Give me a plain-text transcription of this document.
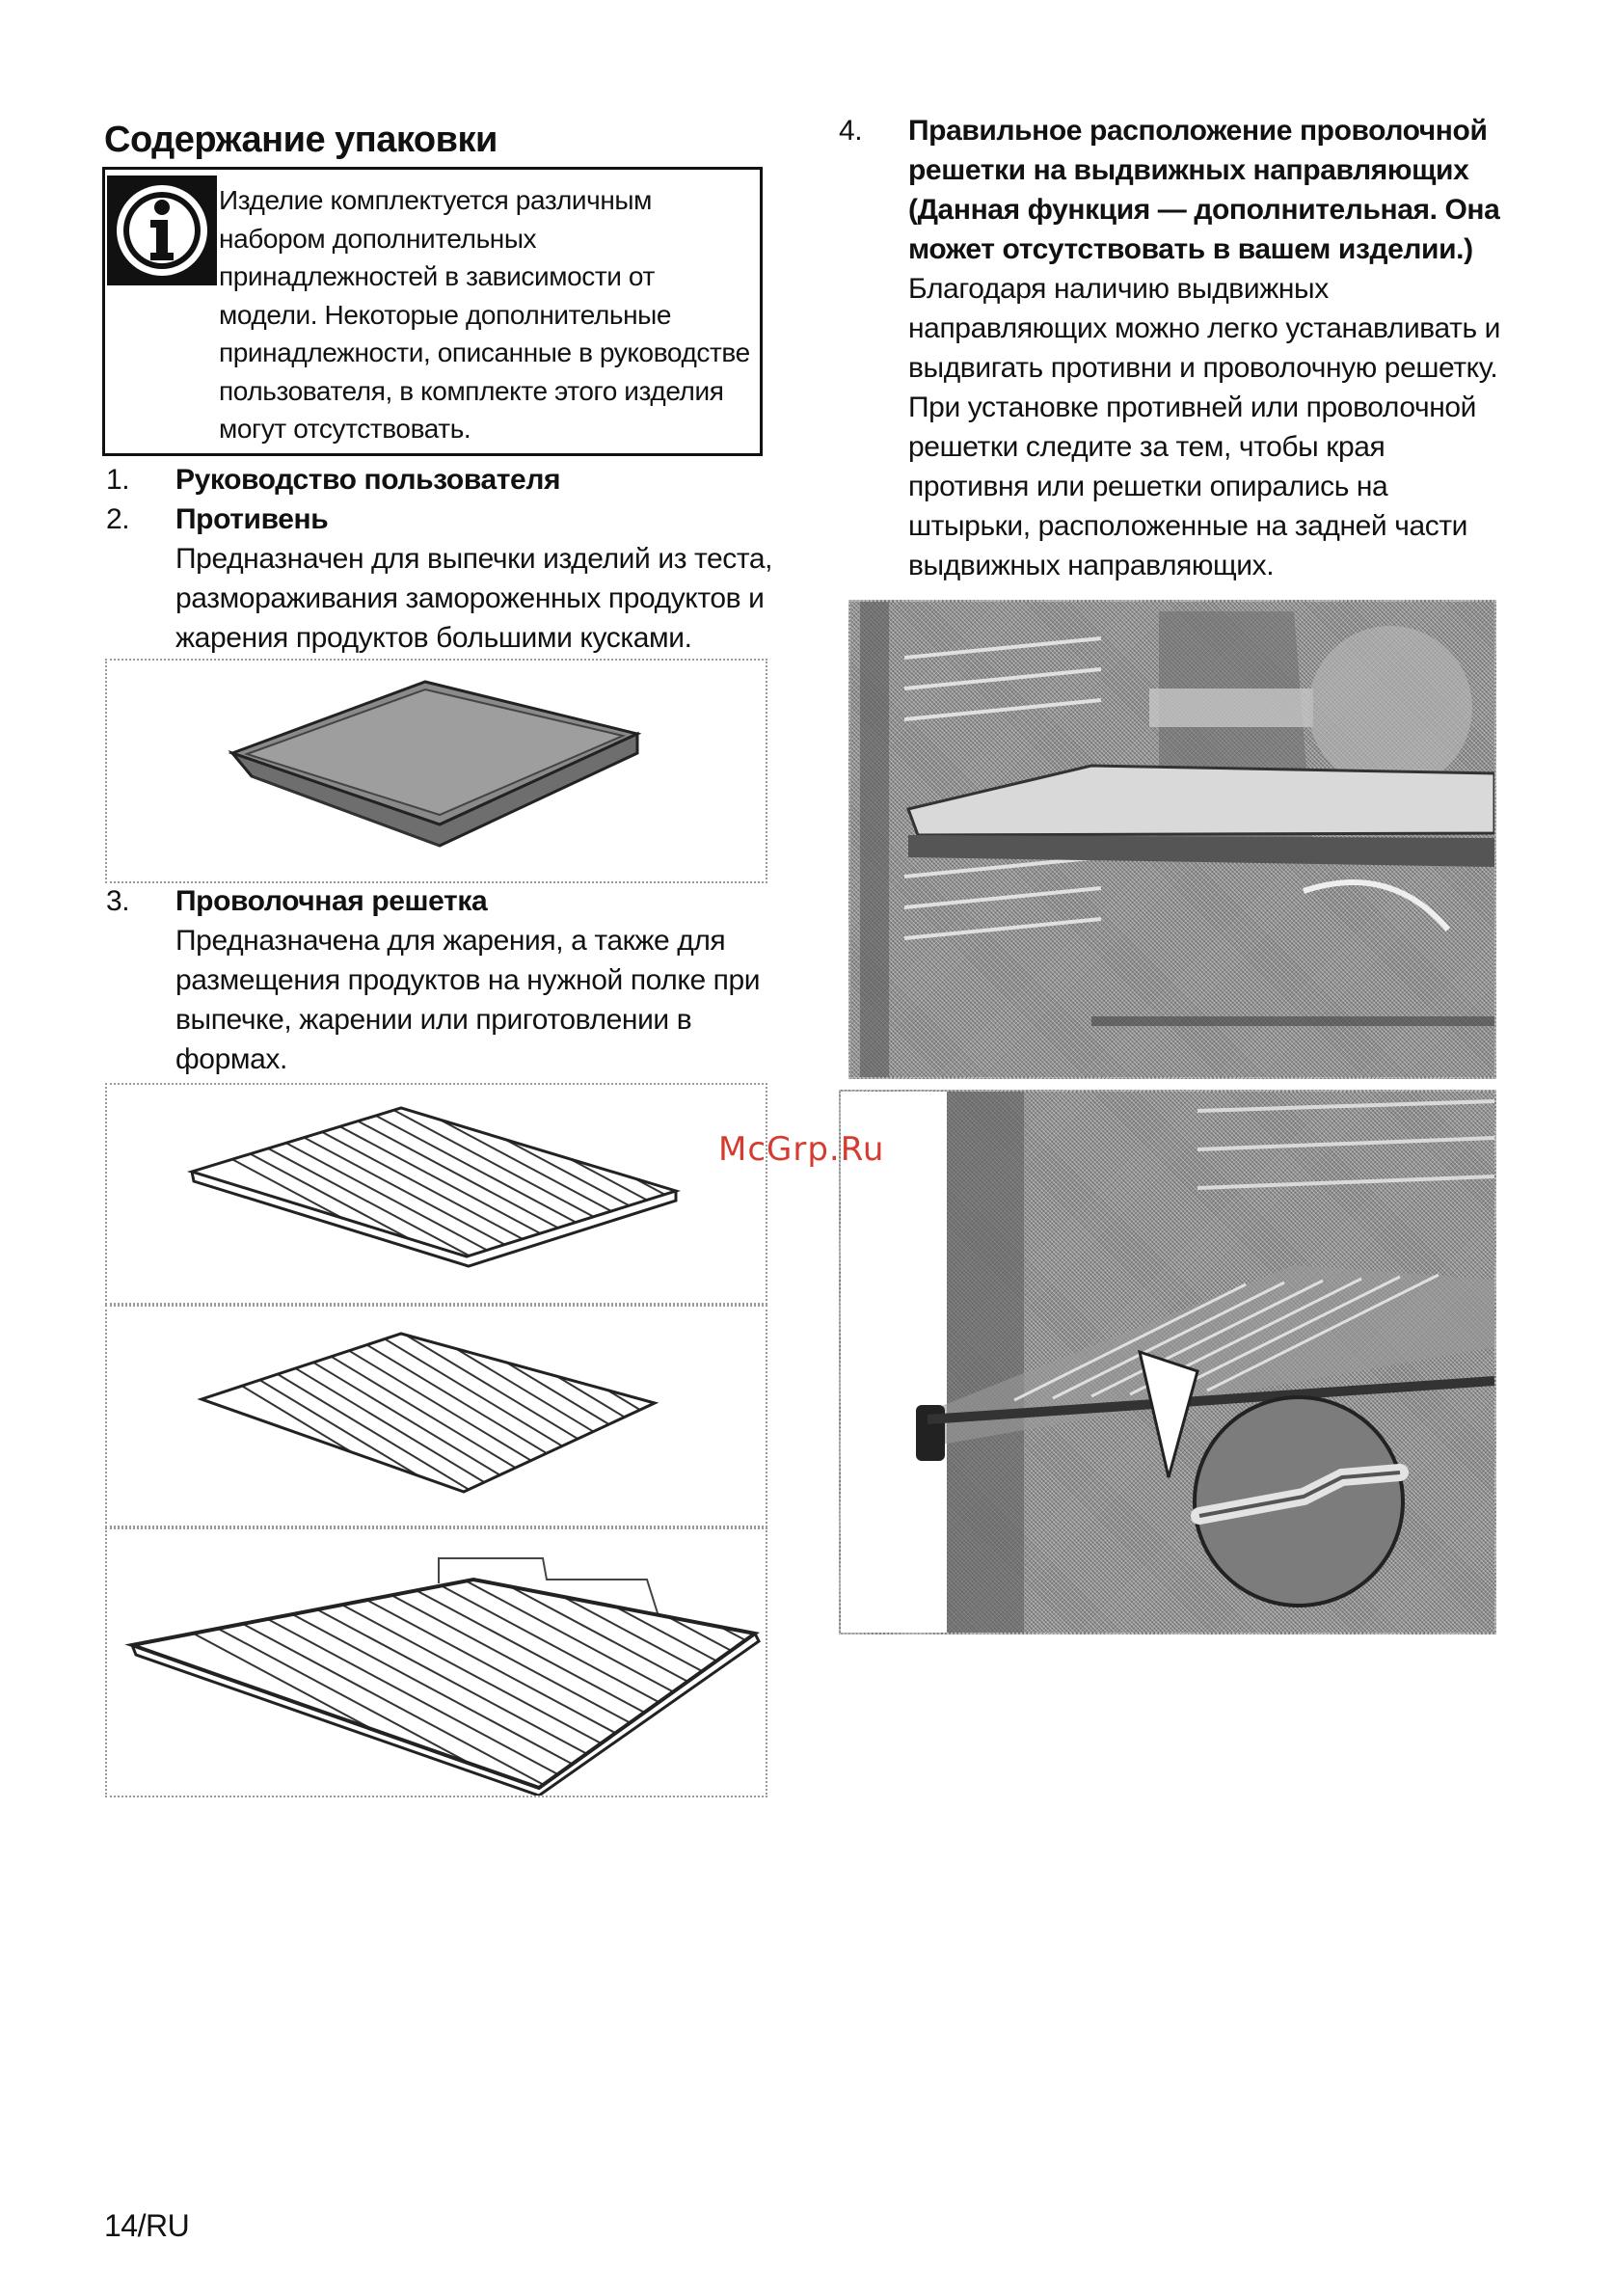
Содержание упаковки
Изделие комплектуется различным
набором дополнительных
принадлежностей в зависимости от
модели. Некоторые дополнительные
принадлежности, описанные в руководстве
пользователя, в комплекте этого изделия
могут отсутствовать.
1. Руководство пользователя
2. Противень
Предназначен для выпечки изделий из теста,
размораживания замороженных продуктов и
жарения продуктов большими кусками.
3. Проволочная решетка
Предназначена для жарения, а также для
размещения продуктов на нужной полке при
выпечке, жарении или приготовлении в
формах.
4. Правильное расположение проволочной
решетки на выдвижных направляющих
(Данная функция — дополнительная. Она
может отсутствовать в вашем изделии.)
Благодаря наличию выдвижных
направляющих можно легко устанавливать и
выдвигать противни и проволочную решетку.
При установке противней или проволочной
решетки следите за тем, чтобы края
противня или решетки опирались на
штырьки, расположенные на задней части
выдвижных направляющих.
McGrp.Ru
14/RU
